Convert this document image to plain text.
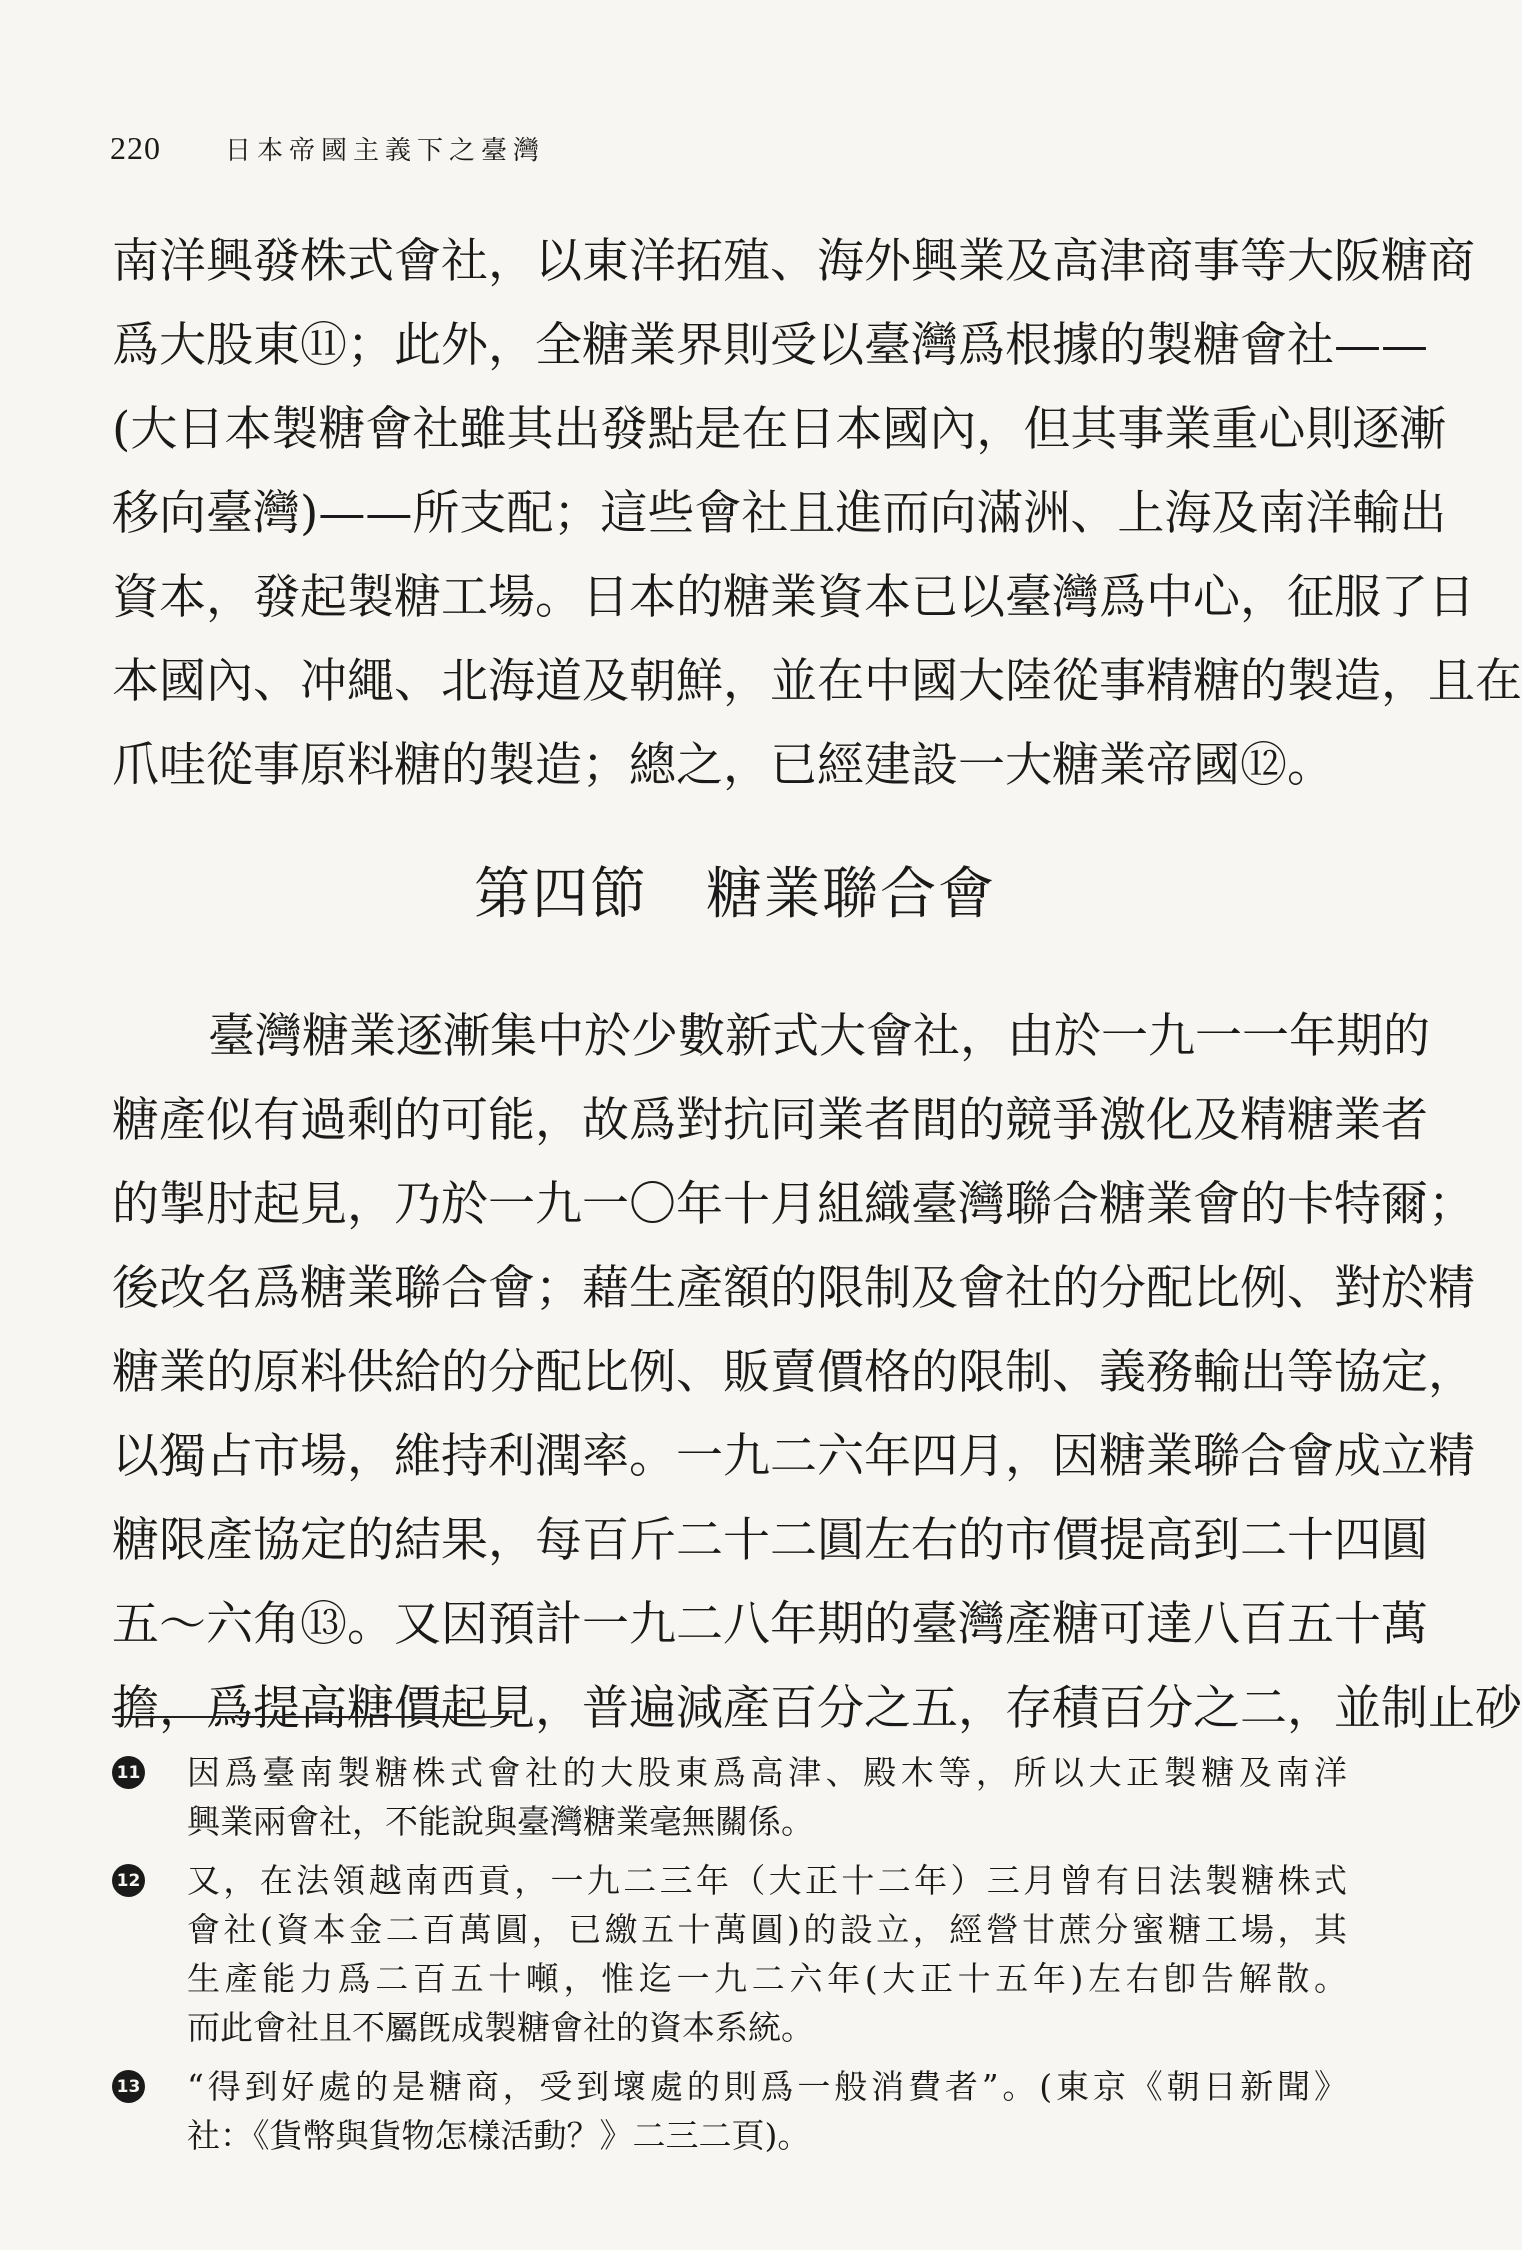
220 日本帝國主義下之臺灣
南洋興發株式會社，以東洋拓殖、海外興業及高津商事等大阪糖商
爲大股東⑪；此外，全糖業界則受以臺灣爲根據的製糖會社——
(大日本製糖會社雖其出發點是在日本國內，但其事業重心則逐漸
移向臺灣)——所支配；這些會社且進而向滿洲、上海及南洋輸出
資本，發起製糖工場。日本的糖業資本已以臺灣爲中心，征服了日
本國內、冲繩、北海道及朝鮮，並在中國大陸從事精糖的製造，且在
爪哇從事原料糖的製造；總之，已經建設一大糖業帝國⑫。
第四節　糖業聯合會
臺灣糖業逐漸集中於少數新式大會社，由於一九一一年期的
糖產似有過剩的可能，故爲對抗同業者間的競爭激化及精糖業者
的掣肘起見，乃於一九一〇年十月組織臺灣聯合糖業會的卡特爾；
後改名爲糖業聯合會；藉生產額的限制及會社的分配比例、對於精
糖業的原料供給的分配比例、販賣價格的限制、義務輸出等協定，
以獨占市場，維持利潤率。一九二六年四月，因糖業聯合會成立精
糖限產協定的結果，每百斤二十二圓左右的市價提高到二十四圓
五～六角⑬。又因預計一九二八年期的臺灣產糖可達八百五十萬
擔，爲提高糖價起見，普遍減產百分之五，存積百分之二，並制止砂
11 因爲臺南製糖株式會社的大股東爲高津、殿木等，所以大正製糖及南洋
興業兩會社，不能說與臺灣糖業毫無關係。
12 又，在法領越南西貢，一九二三年（大正十二年）三月曾有日法製糖株式
會社(資本金二百萬圓，已繳五十萬圓)的設立，經營甘蔗分蜜糖工場，其
生產能力爲二百五十噸，惟迄一九二六年(大正十五年)左右卽告解散。
而此會社且不屬旣成製糖會社的資本系統。
13 “得到好處的是糖商，受到壞處的則爲一般消費者”。(東京《朝日新聞》
社：《貨幣與貨物怎樣活動？》二三二頁)。
